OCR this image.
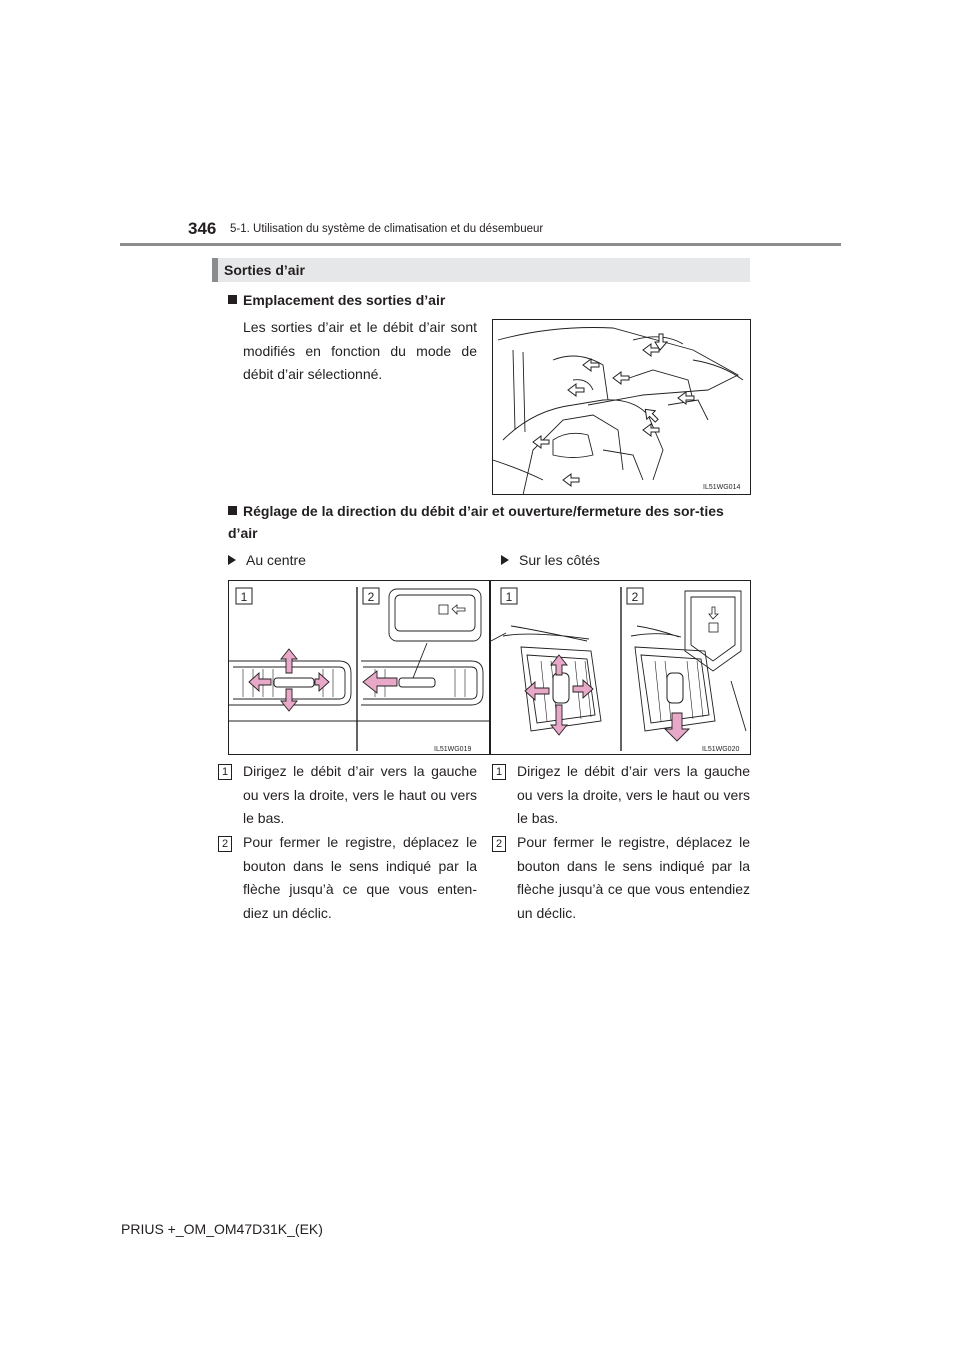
346 5-1. Utilisation du système de climatisation et du désembueur
Sorties d’air
Emplacement des sorties d’air
Les sorties d’air et le débit d’air sont modifiés en fonction du mode de débit d’air sélectionné.
IL51WG014
Réglage de la direction du débit d’air et ouverture/fermeture des sor-ties d’air
Au centre	Sur les côtés
1	2
IL51WG019
1	2
IL51WG020
1 Dirigez le débit d’air vers la gauche ou vers la droite, vers le haut ou vers le bas.
2 Pour fermer le registre, déplacez le bouton dans le sens indiqué par la flèche jusqu’à ce que vous enten-diez un déclic.
1 Dirigez le débit d’air vers la gauche ou vers la droite, vers le haut ou vers le bas.
2 Pour fermer le registre, déplacez le bouton dans le sens indiqué par la flèche jusqu’à ce que vous entendiez un déclic.
PRIUS +_OM_OM47D31K_(EK)
